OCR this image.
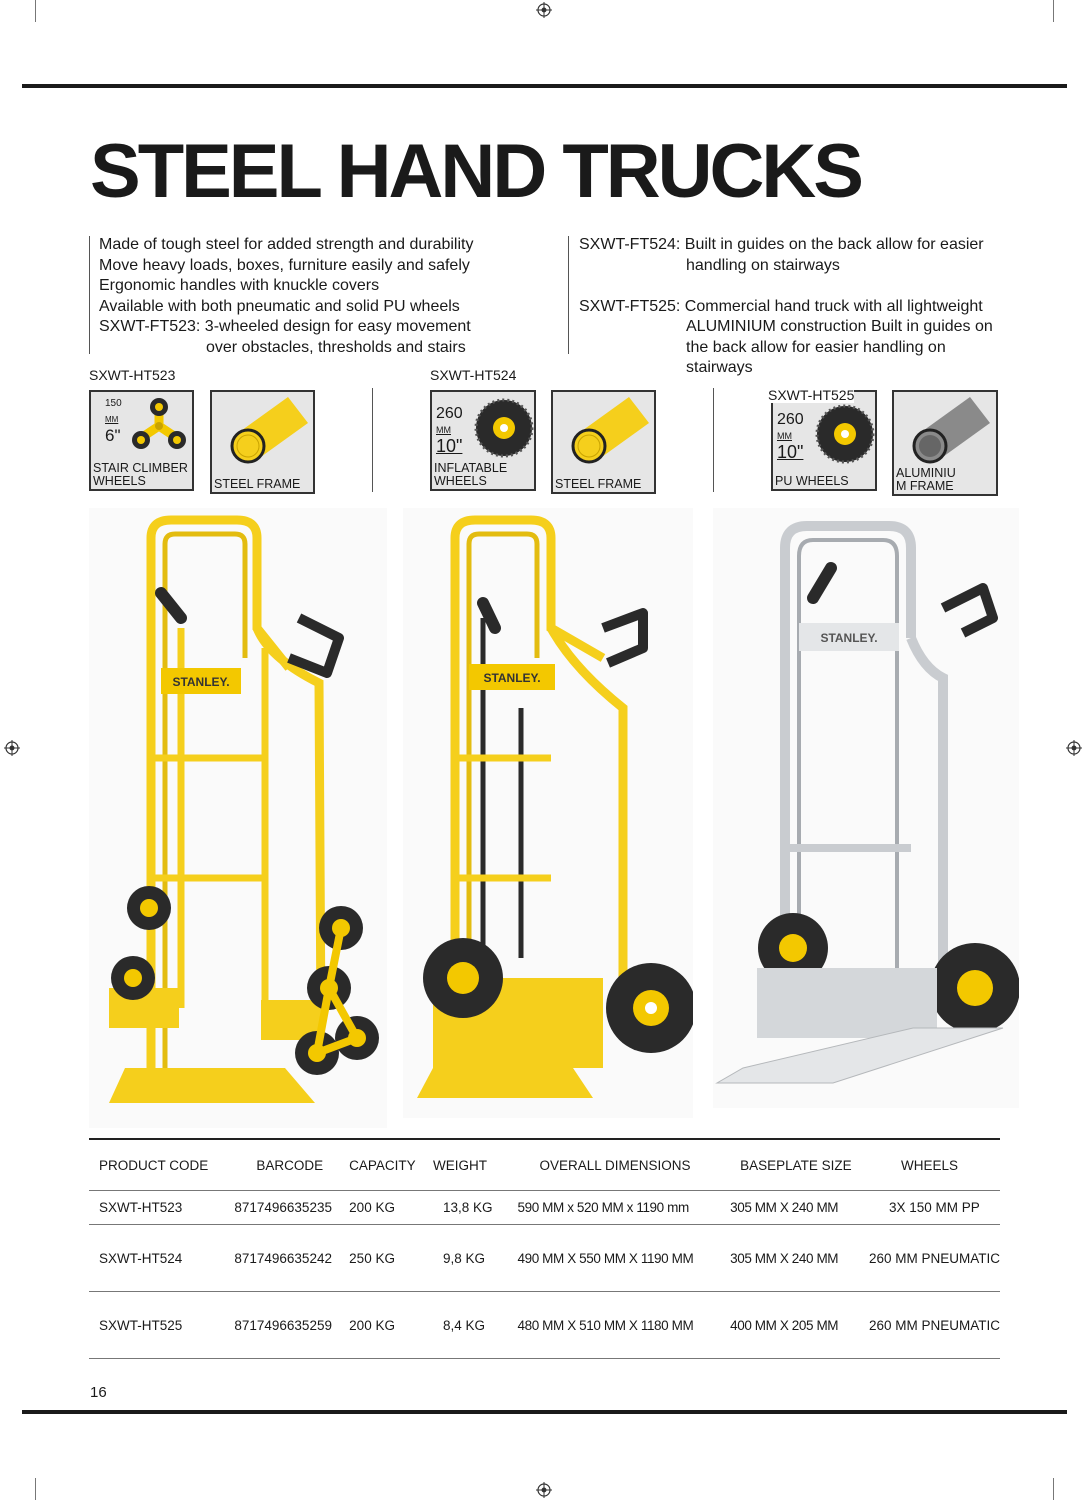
STEEL HAND TRUCKS
Made of tough steel for added strength and durability
Move heavy loads, boxes, furniture easily and safely
Ergonomic handles with knuckle covers
Available with both pneumatic and solid PU wheels
SXWT-FT523: 3-wheeled design for easy movement
over obstacles, thresholds and stairs
SXWT-FT524: Built in guides on the back allow for easier
handling on stairways
SXWT-FT525: Commercial hand truck with all lightweight
ALUMINIUM construction Built in guides on
the back allow for easier handling on
stairways
SXWT-HT523	SXWT-HT524
SXWT-HT525
150
MM
6"
STAIR CLIMBER WHEELS	STEEL FRAME
260
MM
10"
INFLATABLE WHEELS	STEEL FRAME
260
MM
10"
PU WHEELS
ALUMINIU M FRAME
STANLEY.	STANLEY.
STANLEY.
PRODUCT CODE	BARCODE	CAPACITY	WEIGHT	OVERALL DIMENSIONS	BASEPLATE SIZE	WHEELS
SXWT-HT523	8717496635235	200 KG	13,8 KG	590 MM x 520 MM x 1190 mm	305 MM X 240 MM	3X 150 MM PP
SXWT-HT524	8717496635242	250 KG	9,8 KG	490 MM X 550 MM X 1190 MM	305 MM X 240 MM	260 MM PNEUMATIC
SXWT-HT525	8717496635259	200 KG	8,4 KG	480 MM X 510 MM X 1180 MM	400 MM X 205 MM	260 MM PNEUMATIC
16
